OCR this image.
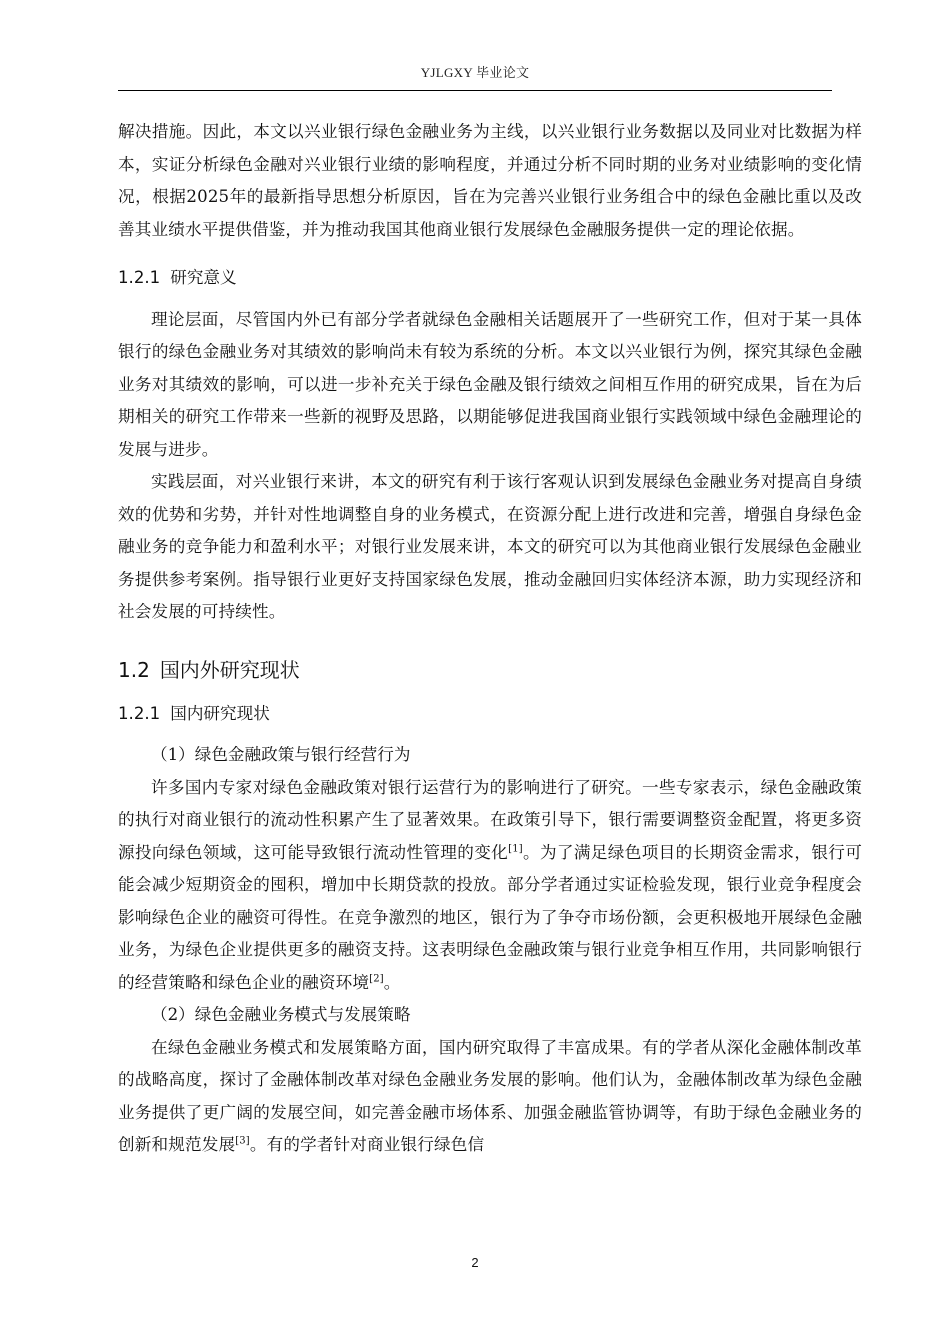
YJLGXY 毕业论文

解决措施。因此，本文以兴业银行绿色金融业务为主线，以兴业银行业务数据以及同业对比数据为样本，实证分析绿色金融对兴业银行业绩的影响程度，并通过分析不同时期的业务对业绩影响的变化情况，根据2025年的最新指导思想分析原因，旨在为完善兴业银行业务组合中的绿色金融比重以及改善其业绩水平提供借鉴，并为推动我国其他商业银行发展绿色金融服务提供一定的理论依据。

1.2.1 研究意义

理论层面，尽管国内外已有部分学者就绿色金融相关话题展开了一些研究工作，但对于某一具体银行的绿色金融业务对其绩效的影响尚未有较为系统的分析。本文以兴业银行为例，探究其绿色金融业务对其绩效的影响，可以进一步补充关于绿色金融及银行绩效之间相互作用的研究成果，旨在为后期相关的研究工作带来一些新的视野及思路，以期能够促进我国商业银行实践领域中绿色金融理论的发展与进步。

实践层面，对兴业银行来讲，本文的研究有利于该行客观认识到发展绿色金融业务对提高自身绩效的优势和劣势，并针对性地调整自身的业务模式，在资源分配上进行改进和完善，增强自身绿色金融业务的竞争能力和盈利水平；对银行业发展来讲，本文的研究可以为其他商业银行发展绿色金融业务提供参考案例。指导银行业更好支持国家绿色发展，推动金融回归实体经济本源，助力实现经济和社会发展的可持续性。

1.2 国内外研究现状
1.2.1 国内研究现状

（1）绿色金融政策与银行经营行为

许多国内专家对绿色金融政策对银行运营行为的影响进行了研究。一些专家表示，绿色金融政策的执行对商业银行的流动性积累产生了显著效果。在政策引导下，银行需要调整资金配置，将更多资源投向绿色领域，这可能导致银行流动性管理的变化[1]。为了满足绿色项目的长期资金需求，银行可能会减少短期资金的囤积，增加中长期贷款的投放。部分学者通过实证检验发现，银行业竞争程度会影响绿色企业的融资可得性。在竞争激烈的地区，银行为了争夺市场份额，会更积极地开展绿色金融业务，为绿色企业提供更多的融资支持。这表明绿色金融政策与银行业竞争相互作用，共同影响银行的经营策略和绿色企业的融资环境[2]。

（2）绿色金融业务模式与发展策略

在绿色金融业务模式和发展策略方面，国内研究取得了丰富成果。有的学者从深化金融体制改革的战略高度，探讨了金融体制改革对绿色金融业务发展的影响。他们认为，金融体制改革为绿色金融业务提供了更广阔的发展空间，如完善金融市场体系、加强金融监管协调等，有助于绿色金融业务的创新和规范发展[3]。有的学者针对商业银行绿色信

2
